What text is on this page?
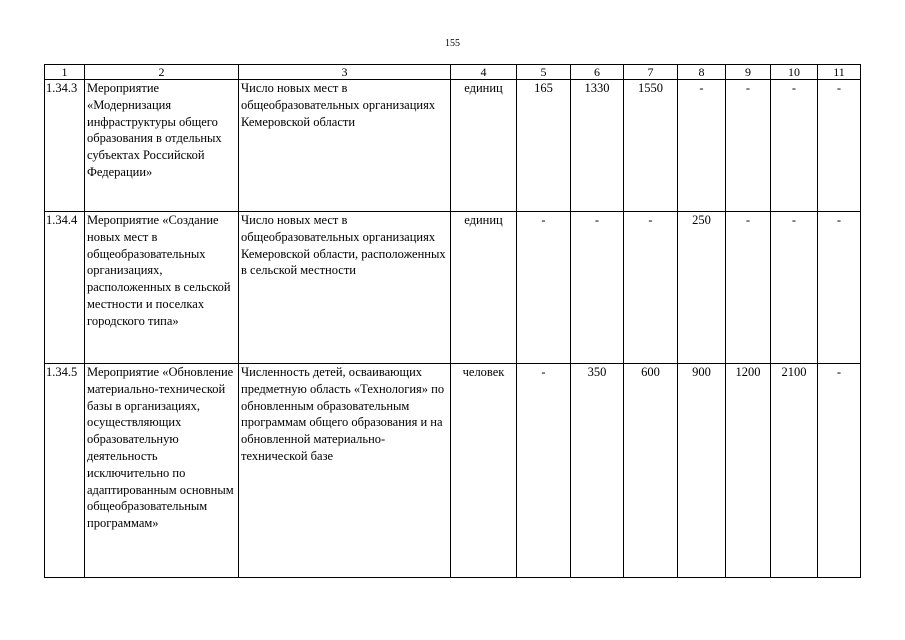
155
1	2	3	4	5	6	7	8	9	10	11
1.34.3	Мероприятие «Модернизация инфраструктуры общего образования в отдельных субъектах Российской Федерации»	Число новых мест в общеобразовательных организациях Кемеровской области	единиц	165	1330	1550	-	-	-	-
1.34.4	Мероприятие «Создание новых мест в общеобразовательных организациях, расположенных в сельской местности и поселках городского типа»	Число новых мест в общеобразовательных организациях Кемеровской области, расположенных в сельской местности	единиц	-	-	-	250	-	-	-
1.34.5	Мероприятие «Обновление материально-технической базы в организациях, осуществляющих образовательную деятельность исключительно по адаптированным основным общеобразовательным программам»	Численность детей, осваивающих предметную область «Технология» по обновленным образовательным программам общего образования и на обновленной материально-технической базе	человек	-	350	600	900	1200	2100	-
